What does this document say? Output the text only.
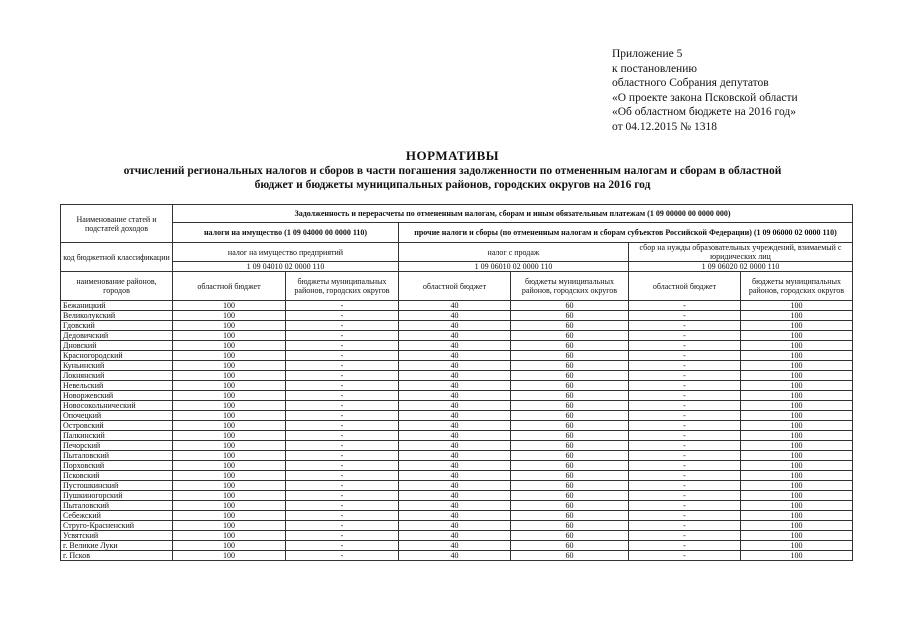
Приложение 5
к постановлению
областного Собрания депутатов
«О проекте закона Псковской области
«Об областном бюджете на 2016 год»
от 04.12.2015 № 1318
НОРМАТИВЫ
отчислений региональных налогов и сборов в части погашения задолженности по отмененным налогам и сборам в областной
бюджет и бюджеты муниципальных районов, городских округов на 2016 год
Наименование статей и подстатей доходов	Задолженность и перерасчеты по отмененным налогам, сборам и иным обязательным платежам (1 09 00000 00 0000 000)					
	налоги на имущество (1 09 04000 00 0000 110)		прочие налоги и сборы (по отмененным налогам и сборам субъектов Российской Федерации) (1 09 06000 02 0000 110)			
код бюджетной классификации	налог на имущество предприятий		налог с продаж		сбор на нужды образовательных учреждений, взимаемый с юридических лиц	
	1 09 04010 02 0000 110		1 09 06010 02 0000 110		1 09 06020 02 0000 110	
наименование районов, городов	областной бюджет	бюджеты муниципальных районов, городских округов	областной бюджет	бюджеты муниципальных районов, городских округов	областной бюджет	бюджеты муниципальных районов, городских округов
Бежаницкий	100	-	40	60	-	100
Великолукский	100	-	40	60	-	100
Гдовский	100	-	40	60	-	100
Дедовичский	100	-	40	60	-	100
Дновский	100	-	40	60	-	100
Красногородский	100	-	40	60	-	100
Куньинский	100	-	40	60	-	100
Локнянский	100	-	40	60	-	100
Невельский	100	-	40	60	-	100
Новоржевский	100	-	40	60	-	100
Новосокольнический	100	-	40	60	-	100
Опочецкий	100	-	40	60	-	100
Островский	100	-	40	60	-	100
Палкинский	100	-	40	60	-	100
Печорский	100	-	40	60	-	100
Пыталовский	100	-	40	60	-	100
Порховский	100	-	40	60	-	100
Псковский	100	-	40	60	-	100
Пустошкинский	100	-	40	60	-	100
Пушкиногорский	100	-	40	60	-	100
Пыталовский	100	-	40	60	-	100
Себежский	100	-	40	60	-	100
Струго-Красненский	100	-	40	60	-	100
Усвятский	100	-	40	60	-	100
г. Великие Луки	100	-	40	60	-	100
г. Псков	100	-	40	60	-	100
